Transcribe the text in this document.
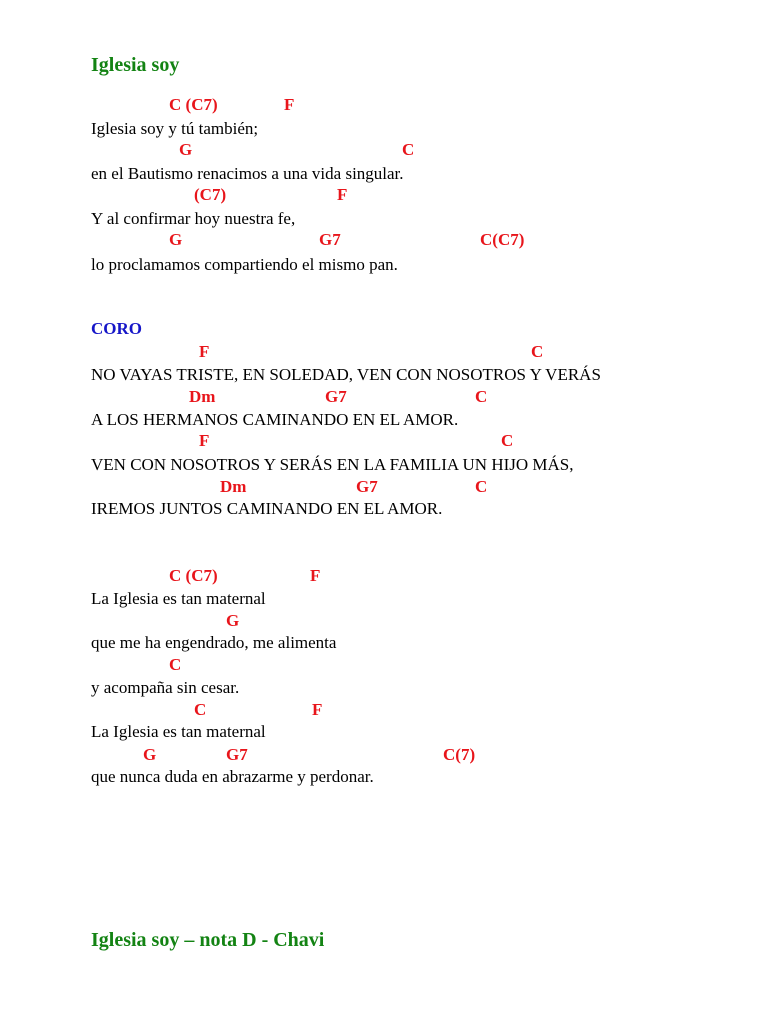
Iglesia soy
C (C7)	F
Iglesia soy y tú también;
G	C
en el Bautismo renacimos a una vida singular.
(C7)	F
Y al confirmar hoy nuestra fe,
G	G7	C(C7)
lo proclamamos compartiendo el mismo pan.
CORO
F	C
NO VAYAS TRISTE, EN SOLEDAD, VEN CON NOSOTROS Y VERÁS
Dm	G7	C
A LOS HERMANOS CAMINANDO EN EL AMOR.
F	C
VEN CON NOSOTROS Y SERÁS EN LA FAMILIA UN HIJO MÁS,
Dm	G7	C
IREMOS JUNTOS CAMINANDO EN EL AMOR.
C (C7)	F
La Iglesia es tan maternal
G
que me ha engendrado, me alimenta
C
y acompaña sin cesar.
C	F
La Iglesia es tan maternal
G	G7	C(7)
que nunca duda en abrazarme y perdonar.
Iglesia soy – nota D - Chavi
